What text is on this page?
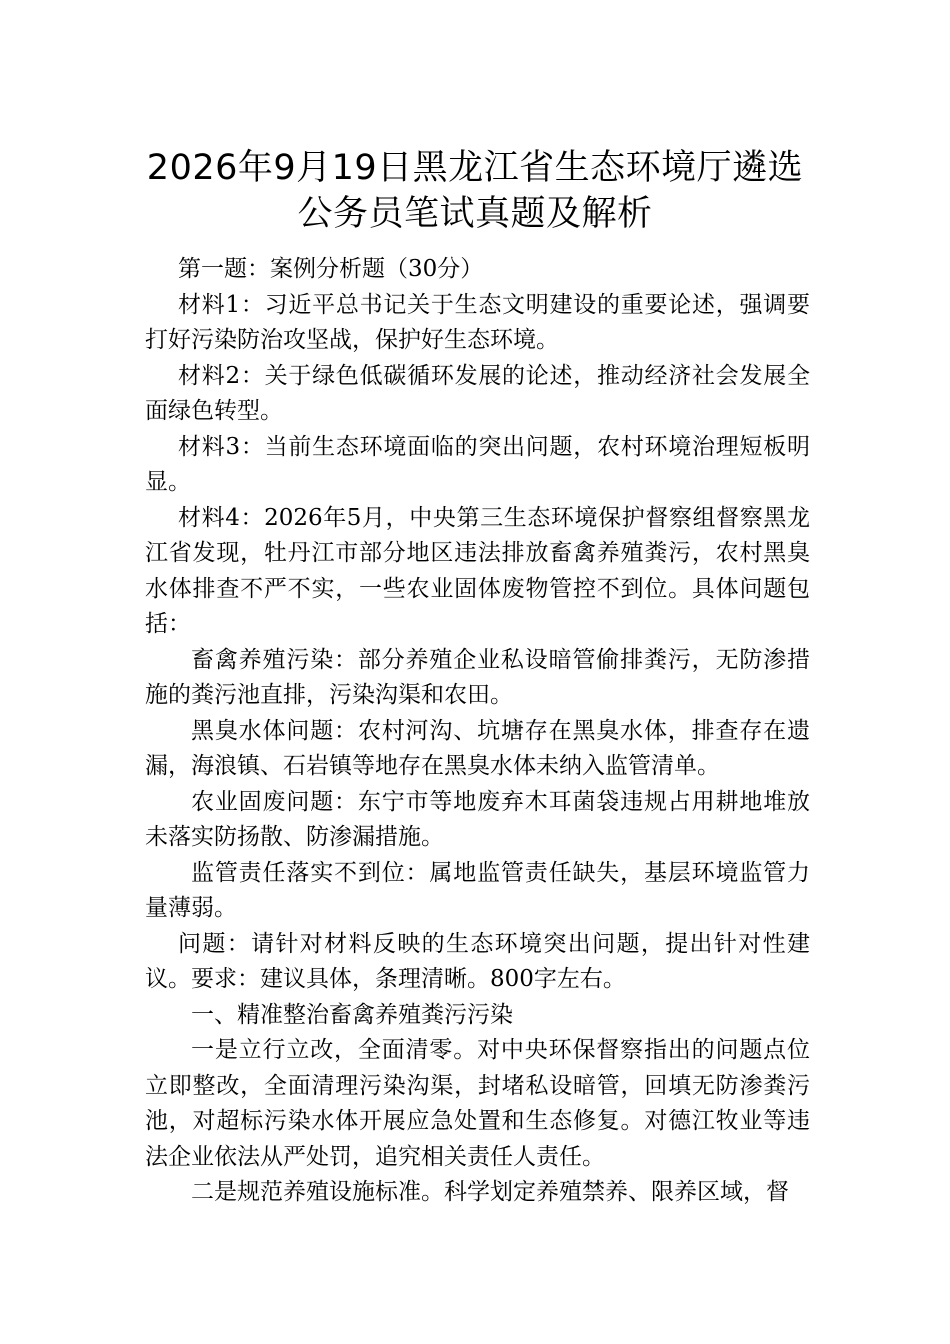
2026年9月19日黑龙江省生态环境厅遴选
公务员笔试真题及解析

第一题：案例分析题（30分）

材料1：习近平总书记关于生态文明建设的重要论述，强调要打好污染防治攻坚战，保护好生态环境。

材料2：关于绿色低碳循环发展的论述，推动经济社会发展全面绿色转型。

材料3：当前生态环境面临的突出问题，农村环境治理短板明显。

材料4：2026年5月，中央第三生态环境保护督察组督察黑龙江省发现，牡丹江市部分地区违法排放畜禽养殖粪污，农村黑臭水体排查不严不实，一些农业固体废物管控不到位。具体问题包括：

畜禽养殖污染：部分养殖企业私设暗管偷排粪污，无防渗措施的粪污池直排，污染沟渠和农田。

黑臭水体问题：农村河沟、坑塘存在黑臭水体，排查存在遗漏，海浪镇、石岩镇等地存在黑臭水体未纳入监管清单。

农业固废问题：东宁市等地废弃木耳菌袋违规占用耕地堆放未落实防扬散、防渗漏措施。

监管责任落实不到位：属地监管责任缺失，基层环境监管力量薄弱。

问题：请针对材料反映的生态环境突出问题，提出针对性建议。要求：建议具体，条理清晰。800字左右。

一、精准整治畜禽养殖粪污污染

一是立行立改，全面清零。对中央环保督察指出的问题点位立即整改，全面清理污染沟渠，封堵私设暗管，回填无防渗粪污池，对超标污染水体开展应急处置和生态修复。对德江牧业等违法企业依法从严处罚，追究相关责任人责任。

二是规范养殖设施标准。科学划定养殖禁养、限养区域，督
